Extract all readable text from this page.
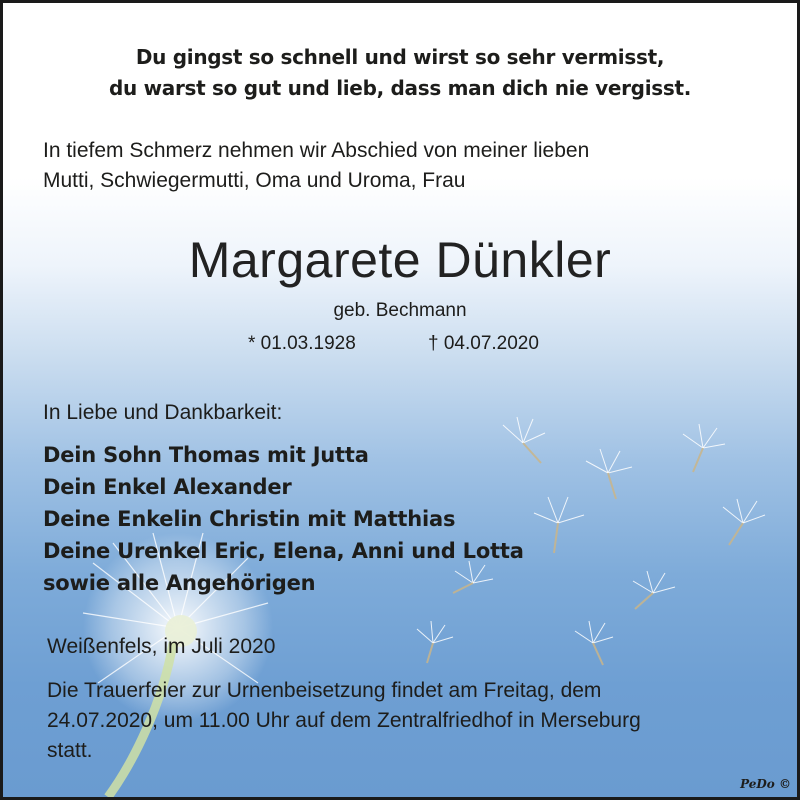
Du gingst so schnell und wirst so sehr vermisst,
du warst so gut und lieb, dass man dich nie vergisst.
In tiefem Schmerz nehmen wir Abschied von meiner lieben
Mutti, Schwiegermutti, Oma und Uroma, Frau
Margarete Dünkler
geb. Bechmann
* 01.03.1928	† 04.07.2020
In Liebe und Dankbarkeit:
Dein Sohn Thomas mit Jutta
Dein Enkel Alexander
Deine Enkelin Christin mit Matthias
Deine Urenkel Eric, Elena, Anni und Lotta
sowie alle Angehörigen
Weißenfels, im Juli 2020
Die Trauerfeier zur Urnenbeisetzung findet am Freitag, dem
24.07.2020, um 11.00 Uhr auf dem Zentralfriedhof in Merseburg
statt.
PeDo ©
